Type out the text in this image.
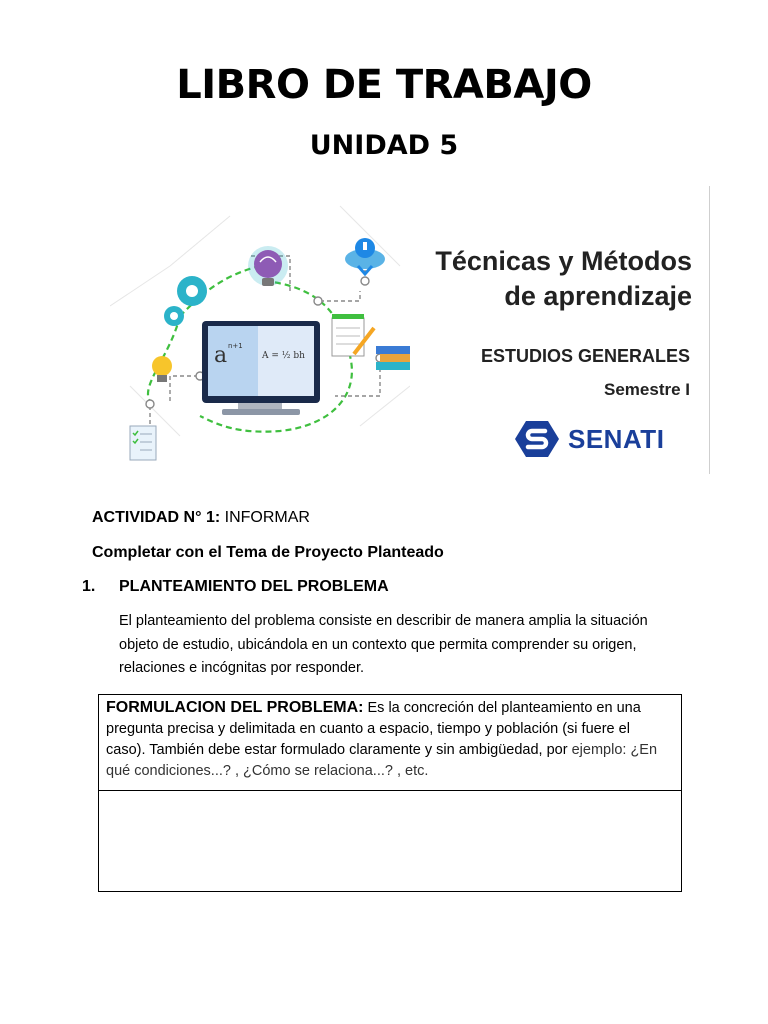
LIBRO DE TRABAJO
UNIDAD 5
a n+1
A = ½ bh
Técnicas y Métodos
de aprendizaje
ESTUDIOS GENERALES
Semestre I
SENATI
ACTIVIDAD N° 1: INFORMAR
Completar con el Tema de Proyecto Planteado
1. PLANTEAMIENTO DEL PROBLEMA

El planteamiento del problema consiste en describir de manera amplia la situación objeto de estudio, ubicándola en un contexto que permita comprender su origen, relaciones e incógnitas por responder.

FORMULACION DEL PROBLEMA: Es la concreción del planteamiento en una pregunta precisa y delimitada en cuanto a espacio, tiempo y población (si fuere el caso). También debe estar formulado claramente y sin ambigüedad, por ejemplo: ¿En qué condiciones...? , ¿Cómo se relaciona...? , etc.
